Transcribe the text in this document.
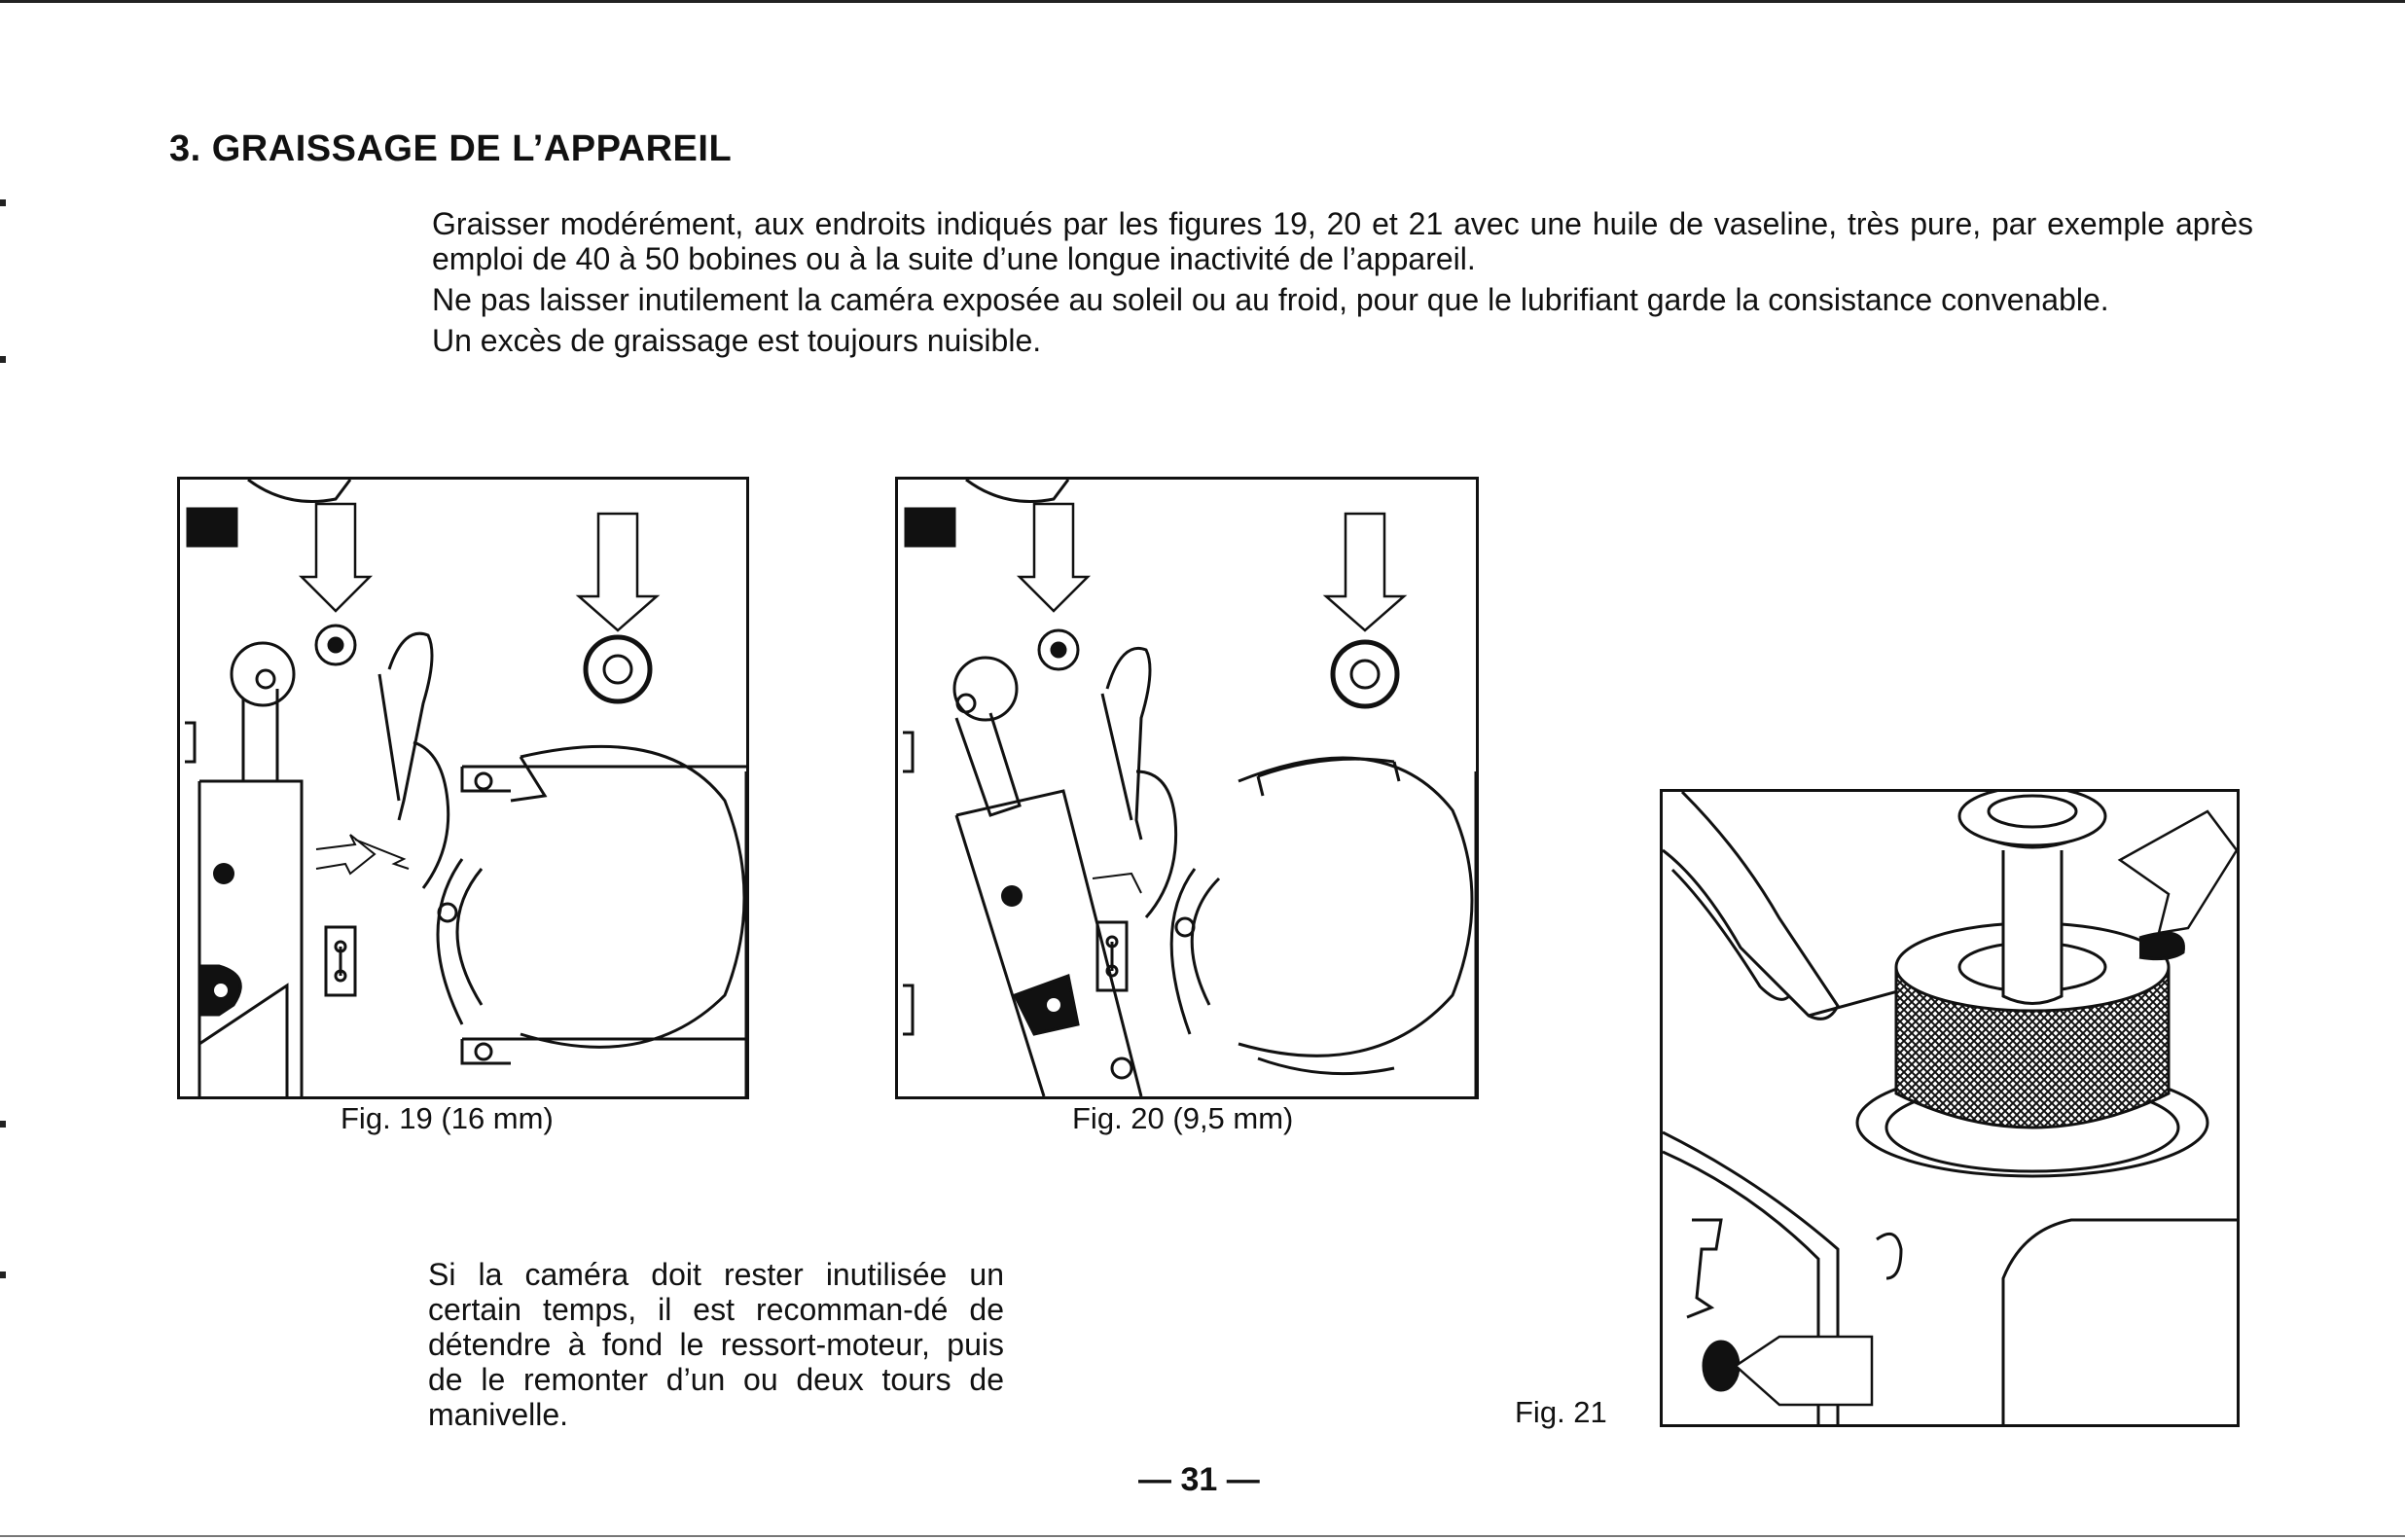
3. GRAISSAGE DE L’APPAREIL

Graisser modérément, aux endroits indiqués par les figures 19, 20 et 21 avec une huile de vaseline, très pure, par exemple après emploi de 40 à 50 bobines ou à la suite d’une longue inactivité de l’appareil.

Ne pas laisser inutilement la caméra exposée au soleil ou au froid, pour que le lubrifiant garde la consistance convenable.

Un excès de graissage est toujours nuisible.

Fig. 19 (16 mm)	Fig. 20 (9,5 mm)
Fig. 21

Si la caméra doit rester inutilisée un certain temps, il est recomman-dé de détendre à fond le ressort-moteur, puis de le remonter d’un ou deux tours de manivelle.

— 31 —
